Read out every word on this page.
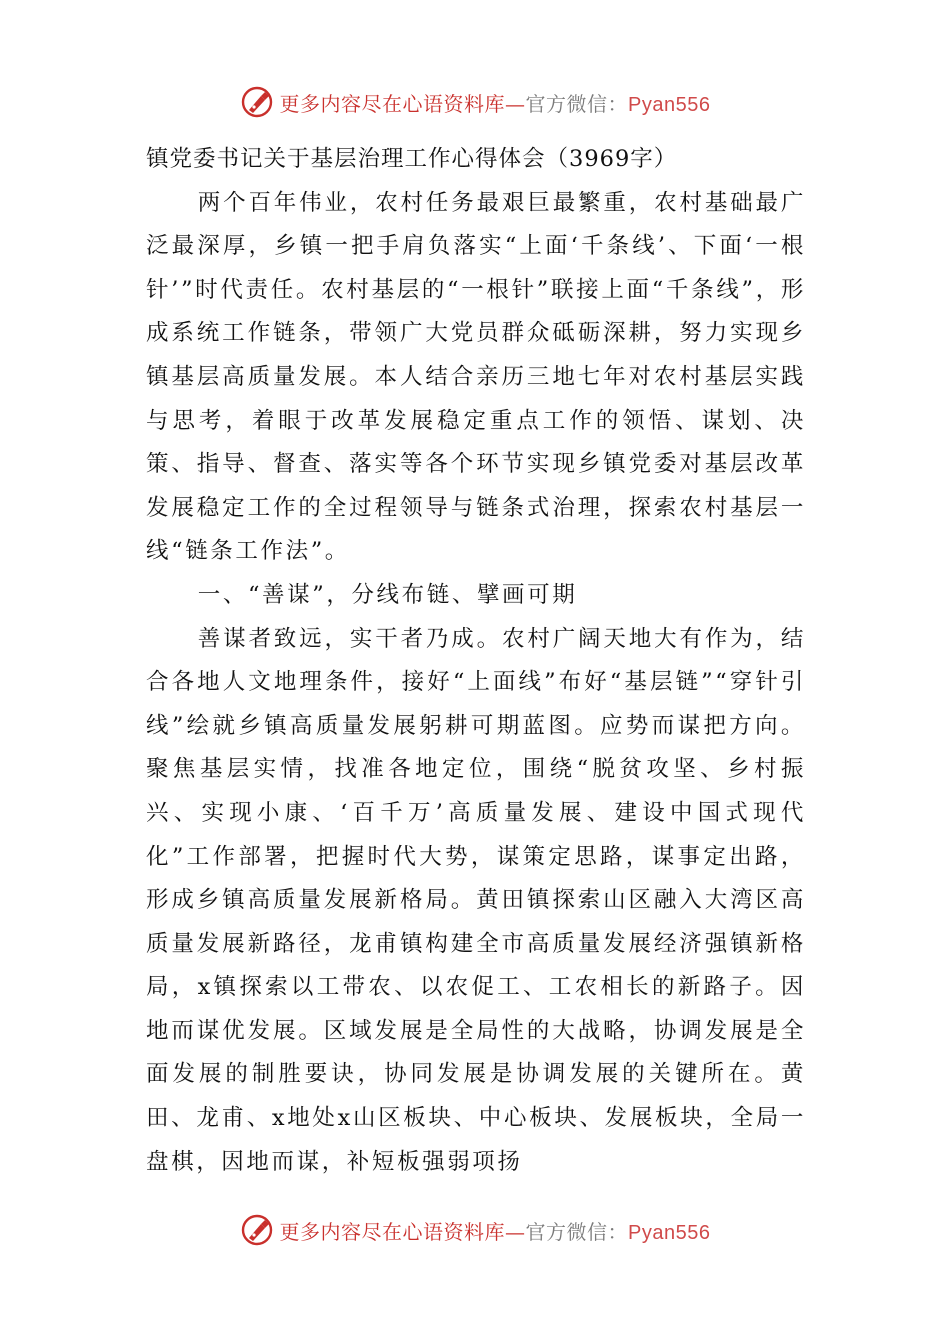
更多内容尽在心语资料库—官方微信：Pyan556
镇党委书记关于基层治理工作心得体会（3969字）

两个百年伟业，农村任务最艰巨最繁重，农村基础最广泛最深厚，乡镇一把手肩负落实“上面‘千条线’、下面‘一根针’”时代责任。农村基层的“一根针”联接上面“千条线”，形成系统工作链条，带领广大党员群众砥砺深耕，努力实现乡镇基层高质量发展。本人结合亲历三地七年对农村基层实践与思考，着眼于改革发展稳定重点工作的领悟、谋划、决策、指导、督查、落实等各个环节实现乡镇党委对基层改革发展稳定工作的全过程领导与链条式治理，探索农村基层一线“链条工作法”。

一、“善谋”，分线布链、擘画可期

善谋者致远，实干者乃成。农村广阔天地大有作为，结合各地人文地理条件，接好“上面线”布好“基层链”“穿针引线”绘就乡镇高质量发展躬耕可期蓝图。应势而谋把方向。聚焦基层实情，找准各地定位，围绕“脱贫攻坚、乡村振兴、实现小康、‘百千万’高质量发展、建设中国式现代化”工作部署，把握时代大势，谋策定思路，谋事定出路，形成乡镇高质量发展新格局。黄田镇探索山区融入大湾区高质量发展新路径，龙甫镇构建全市高质量发展经济强镇新格局，x镇探索以工带农、以农促工、工农相长的新路子。因地而谋优发展。区域发展是全局性的大战略，协调发展是全面发展的制胜要诀，协同发展是协调发展的关键所在。黄田、龙甫、x地处x山区板块、中心板块、发展板块，全局一盘棋，因地而谋，补短板强弱项扬

更多内容尽在心语资料库—官方微信：Pyan556
